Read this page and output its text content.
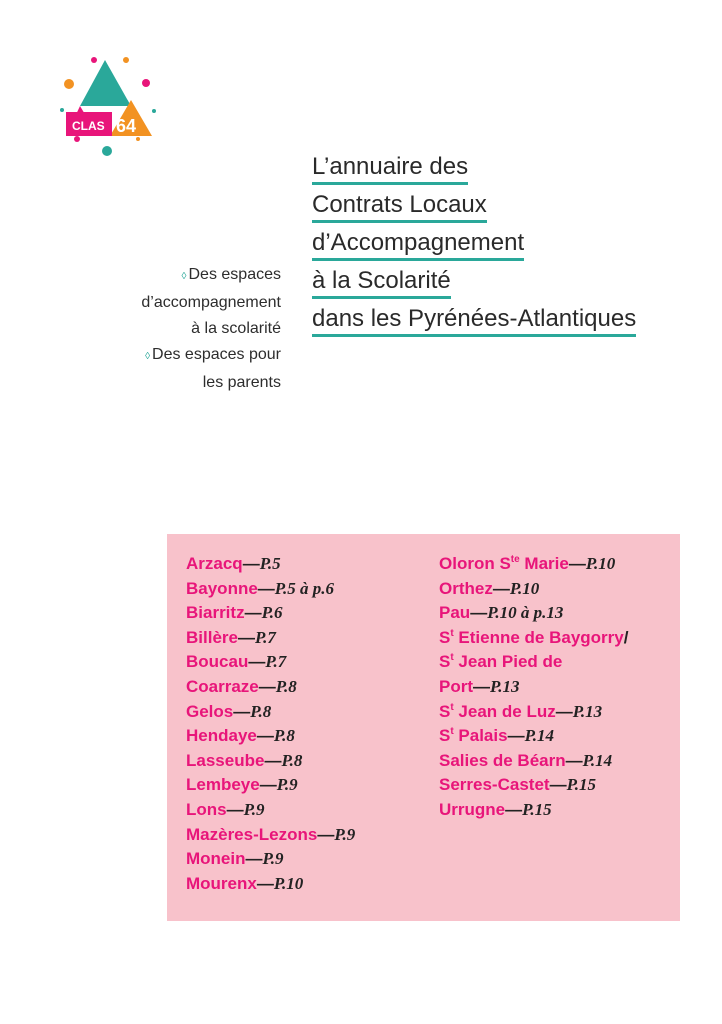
CLAS 64
L’annuaire des
Contrats Locaux
d’Accompagnement
à la Scolarité
dans les Pyrénées-Atlantiques
◊ Des espaces
d’accompagnement
à la scolarité
◊ Des espaces pour
les parents
Arzacq—P.5
Bayonne—P.5 à p.6
Biarritz—P.6
Billère—P.7
Boucau—P.7
Coarraze—P.8
Gelos—P.8
Hendaye—P.8
Lasseube—P.8
Lembeye—P.9
Lons—P.9
Mazères-Lezons—P.9
Monein—P.9
Mourenx—P.10
Oloron $S^{te}$ Marie—P.10
Orthez—P.10
Pau—P.10 à p.13
$S^t$ Etienne de Baygorry/
$S^t$ Jean Pied de
Port—P.13
$S^t$ Jean de Luz—P.13
$S^t$ Palais—P.14
Salies de Béarn—P.14
Serres-Castet—P.15
Urrugne—P.15
